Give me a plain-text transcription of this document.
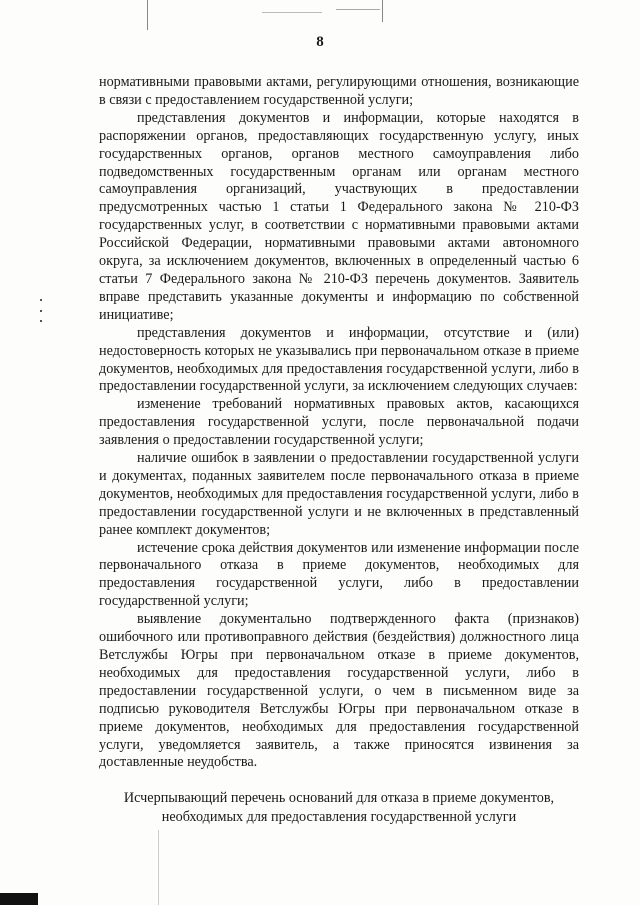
8

нормативными правовыми актами, регулирующими отношения, возникающие в связи с предоставлением государственной услуги;

представления документов и информации, которые находятся в распоряжении органов, предоставляющих государственную услугу, иных государственных органов, органов местного самоуправления либо подведомственных государственным органам или органам местного самоуправления организаций, участвующих в предоставлении предусмотренных частью 1 статьи 1 Федерального закона № 210-ФЗ государственных услуг, в соответствии с нормативными правовыми актами Российской Федерации, нормативными правовыми актами автономного округа, за исключением документов, включенных в определенный частью 6 статьи 7 Федерального закона № 210-ФЗ перечень документов. Заявитель вправе представить указанные документы и информацию по собственной инициативе;

представления документов и информации, отсутствие и (или) недостоверность которых не указывались при первоначальном отказе в приеме документов, необходимых для предоставления государственной услуги, либо в предоставлении государственной услуги, за исключением следующих случаев:

изменение требований нормативных правовых актов, касающихся предоставления государственной услуги, после первоначальной подачи заявления о предоставлении государственной услуги;

наличие ошибок в заявлении о предоставлении государственной услуги и документах, поданных заявителем после первоначального отказа в приеме документов, необходимых для предоставления государственной услуги, либо в предоставлении государственной услуги и не включенных в представленный ранее комплект документов;

истечение срока действия документов или изменение информации после первоначального отказа в приеме документов, необходимых для предоставления государственной услуги, либо в предоставлении государственной услуги;

выявление документально подтвержденного факта (признаков) ошибочного или противоправного действия (бездействия) должностного лица Ветслужбы Югры при первоначальном отказе в приеме документов, необходимых для предоставления государственной услуги, либо в предоставлении государственной услуги, о чем в письменном виде за подписью руководителя Ветслужбы Югры при первоначальном отказе в приеме документов, необходимых для предоставления государственной услуги, уведомляется заявитель, а также приносятся извинения за доставленные неудобства.

Исчерпывающий перечень оснований для отказа в приеме документов,

необходимых для предоставления государственной услуги
